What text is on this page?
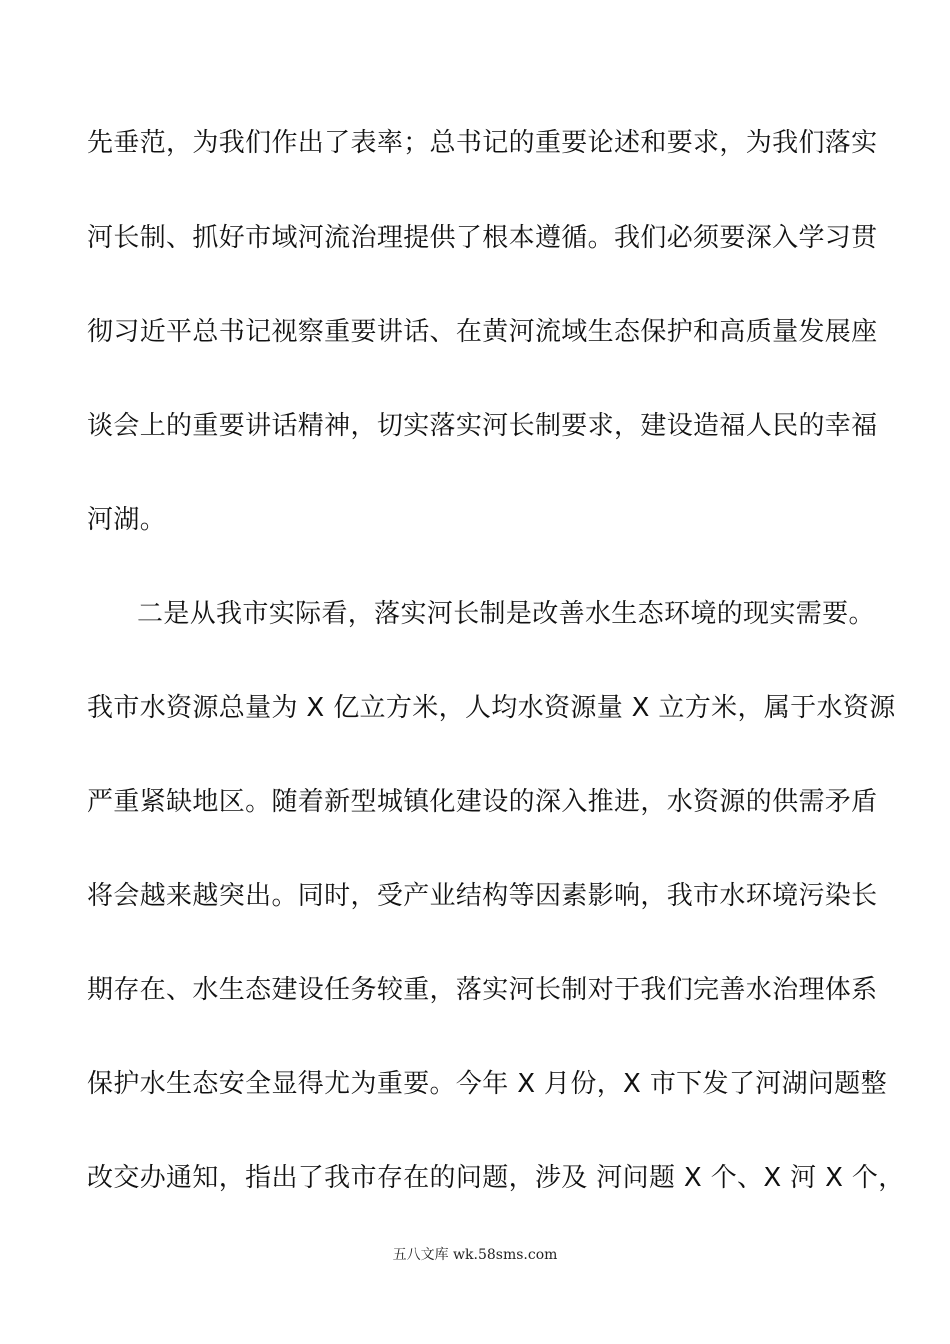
先垂范，为我们作出了表率；总书记的重要论述和要求，为我们落实
河长制、抓好市域河流治理提供了根本遵循。我们必须要深入学习贯
彻习近平总书记视察重要讲话、在黄河流域生态保护和高质量发展座
谈会上的重要讲话精神，切实落实河长制要求，建设造福人民的幸福
河湖。
二是从我市实际看，落实河长制是改善水生态环境的现实需要。
我市水资源总量为 X 亿立方米，人均水资源量 X 立方米，属于水资源
严重紧缺地区。随着新型城镇化建设的深入推进，水资源的供需矛盾
将会越来越突出。同时，受产业结构等因素影响，我市水环境污染长
期存在、水生态建设任务较重，落实河长制对于我们完善水治理体系
保护水生态安全显得尤为重要。今年 X 月份，X 市下发了河湖问题整
改交办通知，指出了我市存在的问题，涉及 河问题 X 个、X 河 X 个，
五八文库 wk.58sms.com
